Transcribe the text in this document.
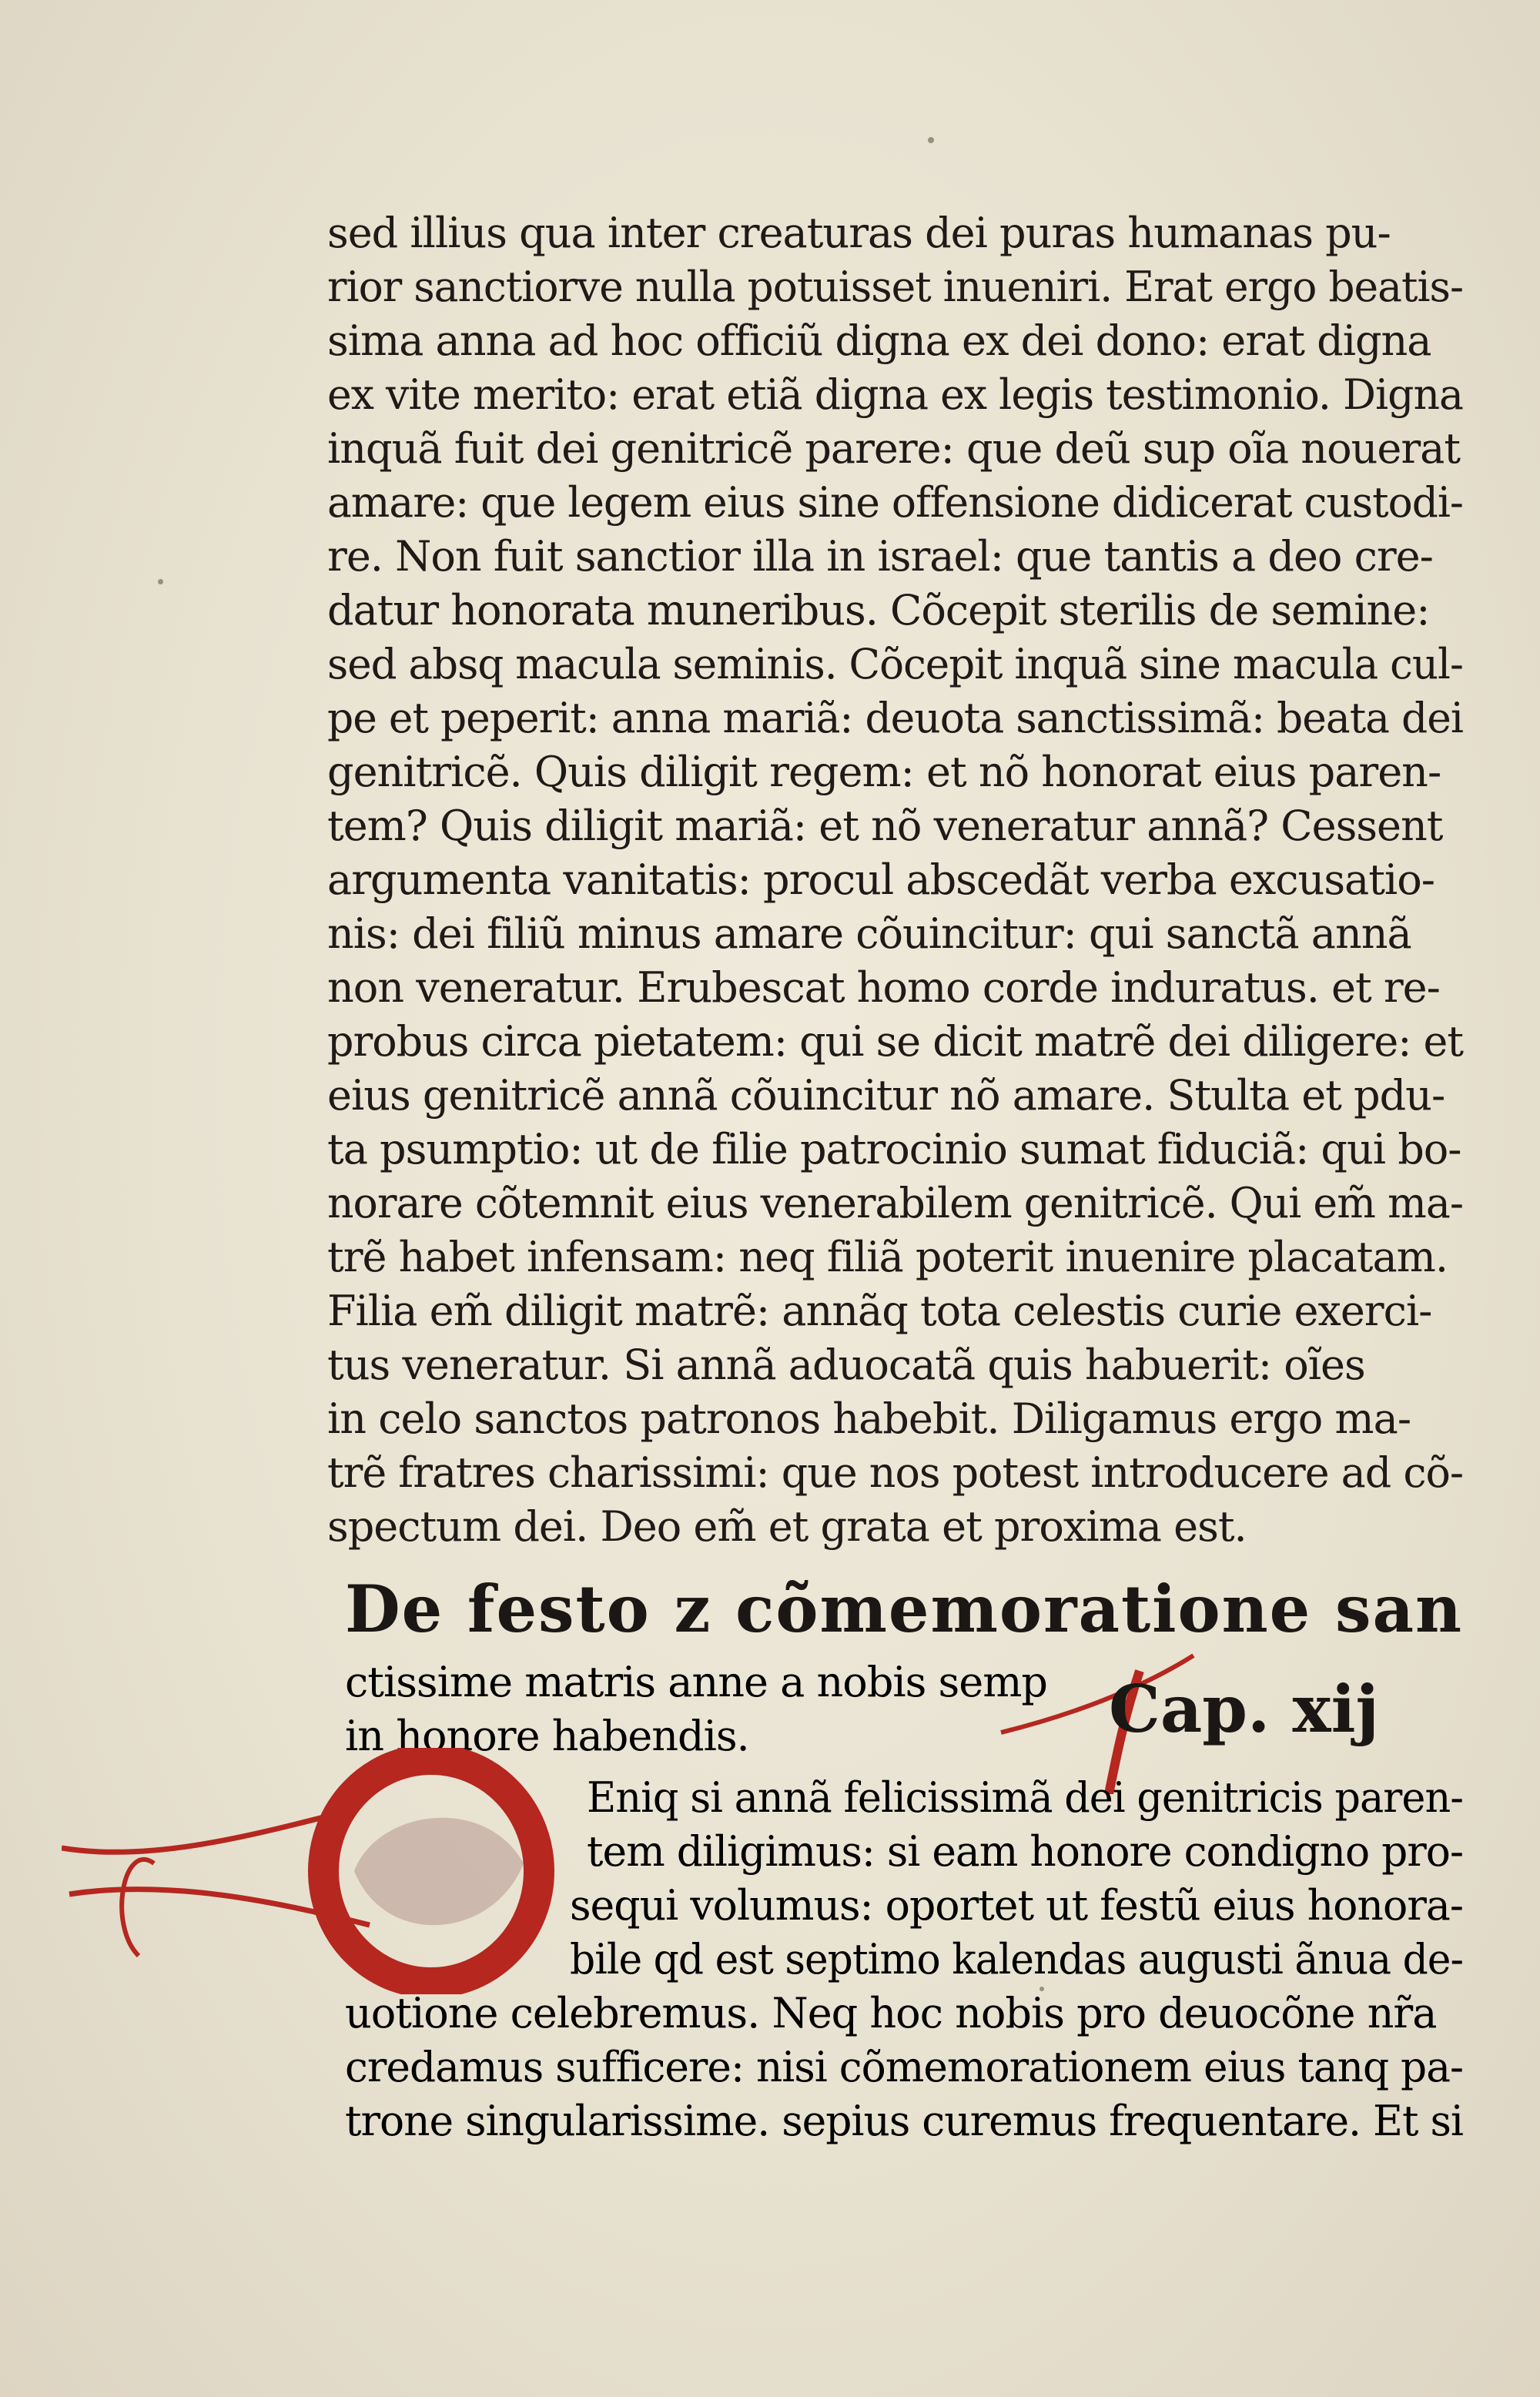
sed illius qua inter creaturas dei puras humanas pu-
rior sanctiorve nulla potuisset inueniri. Erat ergo beatis-
sima anna ad hoc officiũ digna ex dei dono: erat digna
ex vite merito: erat etiã digna ex legis testimonio. Digna
inquã fuit dei genitricẽ parere: que deũ sup oĩa nouerat
amare: que legem eius sine offensione didicerat custodi-
re. Non fuit sanctior illa in israel: que tantis a deo cre-
datur honorata muneribus. Cõcepit sterilis de semine:
sed absq macula seminis. Cõcepit inquã sine macula cul-
pe et peperit: anna mariã: deuota sanctissimã: beata dei
genitricẽ. Quis diligit regem: et nõ honorat eius paren-
tem? Quis diligit mariã: et nõ veneratur annã? Cessent
argumenta vanitatis: procul abscedãt verba excusatio-
nis: dei filiũ minus amare cõuincitur: qui sanctã annã
non veneratur. Erubescat homo corde induratus. et re-
probus circa pietatem: qui se dicit matrẽ dei diligere: et
eius genitricẽ annã cõuincitur nõ amare. Stulta et pdu-
ta psumptio: ut de filie patrocinio sumat fiduciã: qui bo-
norare cõtemnit eius venerabilem genitricẽ. Qui em̃ ma-
trẽ habet infensam: neq filiã poterit inuenire placatam.
Filia em̃ diligit matrẽ: annãq tota celestis curie exerci-
tus veneratur. Si annã aduocatã quis habuerit: oĩes
in celo sanctos patronos habebit. Diligamus ergo ma-
trẽ fratres charissimi: que nos potest introducere ad cõ-
spectum dei. Deo em̃ et grata et proxima est.
De festo z cõmemoratione san
ctissime matris anne a nobis semp
in honore habendis.	Cap. xij
Eniq si annã felicissimã dei genitricis paren-
tem diligimus: si eam honore condigno pro-
sequi volumus: oportet ut festũ eius honora-
bile qd est septimo kalendas augusti ãnua de-
uotione celebremus. Neq hoc nobis pro deuocõne nr̃a
credamus sufficere: nisi cõmemorationem eius tanq pa-
trone singularissime. sepius curemus frequentare. Et si
